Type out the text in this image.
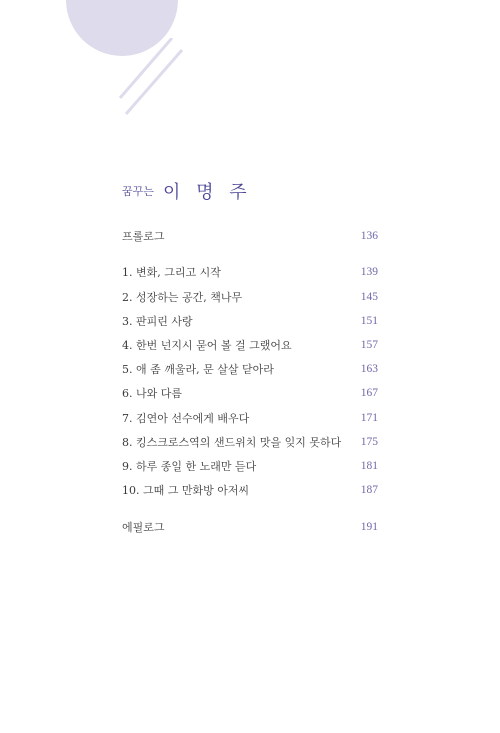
꿈꾸는 이 명 주
프롤로그	136
1. 변화, 그리고 시작	139
2. 성장하는 공간, 책나무	145
3. 판피린 사랑	151
4. 한번 넌지시 묻어 볼 걸 그랬어요	157
5. 애 좀 깨울라, 문 살살 닫아라	163
6. 나와 다름	167
7. 김연아 선수에게 배우다	171
8. 킹스크로스역의 샌드위치 맛을 잊지 못하다 175
9. 하루 종일 한 노래만 듣다	181
10. 그때 그 만화방 아저씨	187
에필로그	191
